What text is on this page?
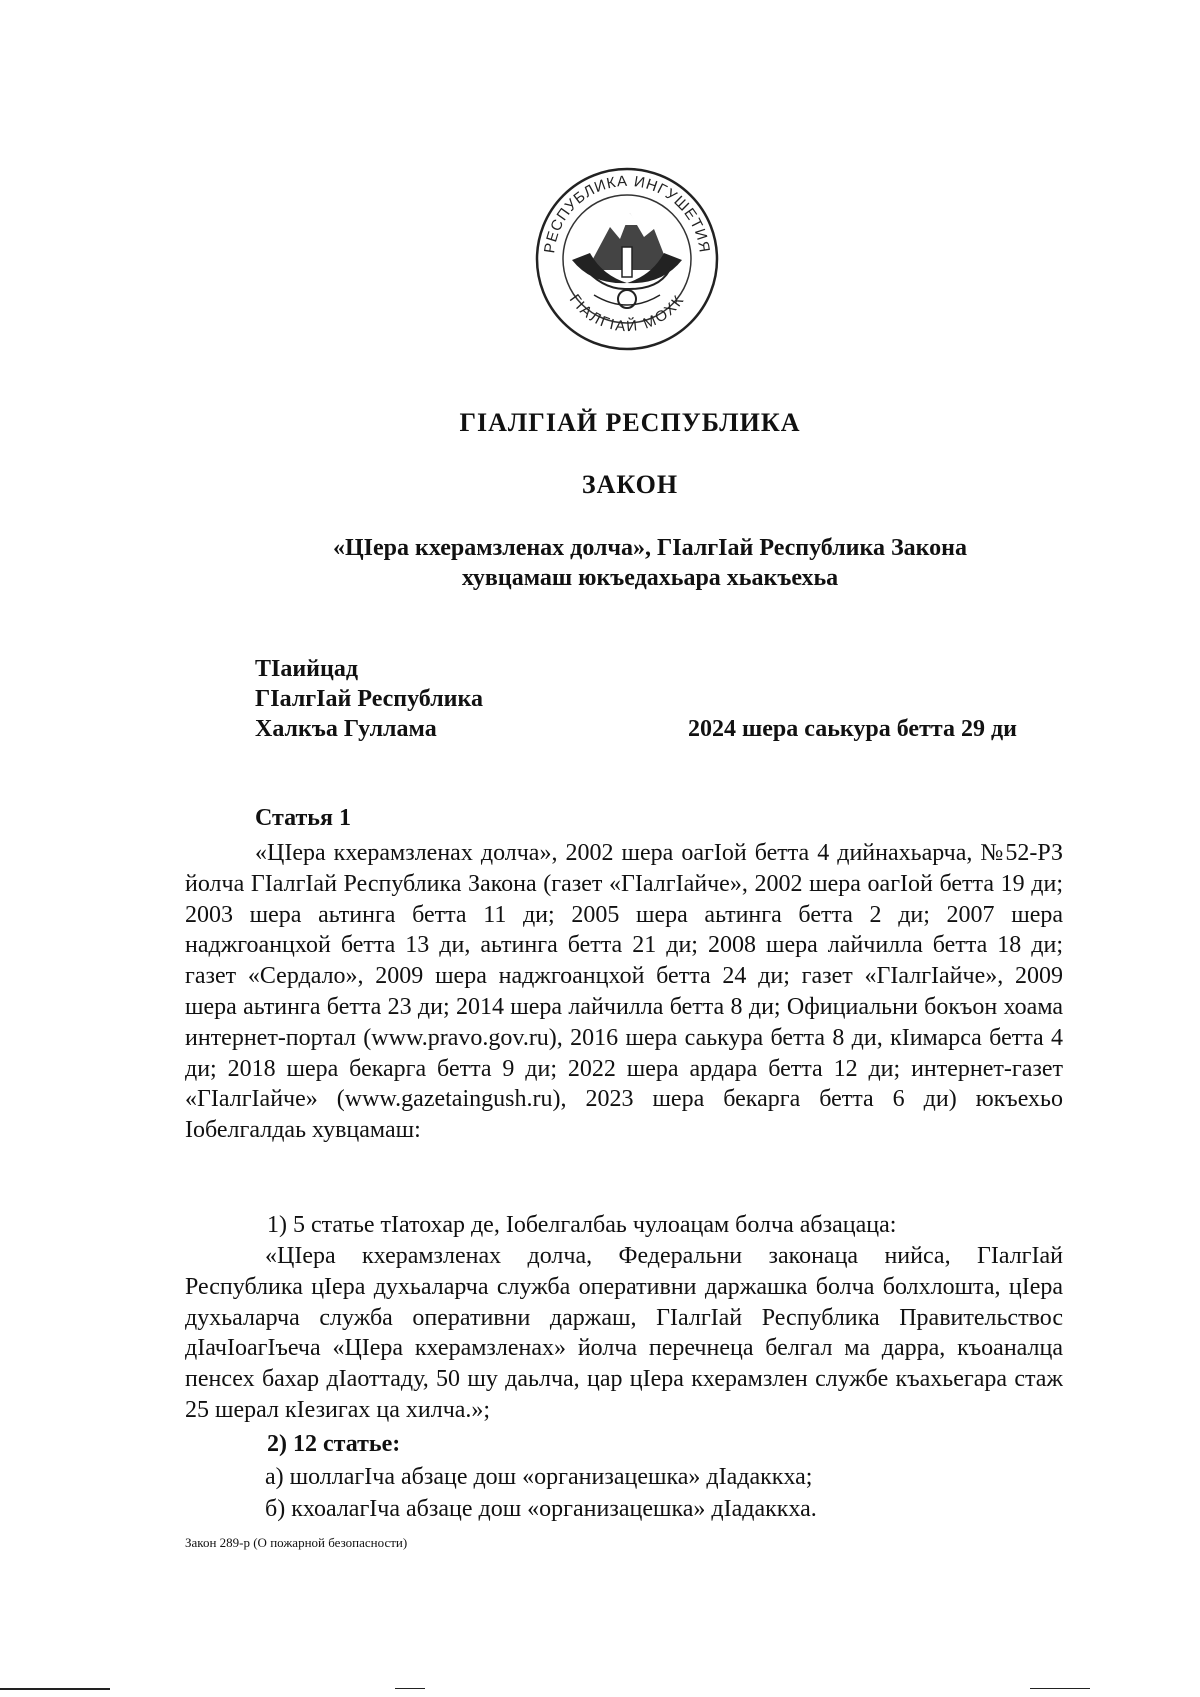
РЕСПУБЛИКА ИНГУШЕТИЯ
ГIАЛГIАЙ МОХК
ГIАЛГIАЙ РЕСПУБЛИКА
ЗАКОН
«ЦIера кхерамзленах долча», ГIалгIай Республика Закона
хувцамаш юкъедахьара хьакъехьа
ТIаийцад
ГIалгIай Республика
Халкъа Гуллама	2024 шера саькура бетта 29 ди
Статья 1

«ЦIера кхерамзленах долча», 2002 шера оагIой бетта 4 дийнахьарча, №52-РЗ йолча ГIалгIай Республика Закона (газет «ГIалгIайче», 2002 шера оагIой бетта 19 ди; 2003 шера аьтинга бетта 11 ди; 2005 шера аьтинга бетта 2 ди; 2007 шера наджгоанцхой бетта 13 ди, аьтинга бетта 21 ди; 2008 шера лайчилла бетта 18 ди; газет «Сердало», 2009 шера наджгоанцхой бетта 24 ди; газет «ГIалгIайче», 2009 шера аьтинга бетта 23 ди; 2014 шера лайчилла бетта 8 ди; Официальни бокъон хоама интернет-портал (www.pravo.gov.ru), 2016 шера саькура бетта 8 ди, кIимарса бетта 4 ди; 2018 шера бекарга бетта 9 ди; 2022 шера ардара бетта 12 ди; интернет-газет «ГIалгIайче» (www.gazetaingush.ru), 2023 шера бекарга бетта 6 ди) юкъехьо Iобелгалдаь хувцамаш:

1) 5 статье тIатохар де, Iобелгалбаь чулоацам болча абзацаца:

«ЦIера кхерамзленах долча, Федеральни законаца нийса, ГIалгIай Республика цIера духьаларча служба оперативни даржашка болча болхлошта, цIера духьаларча служба оперативни даржаш, ГIалгIай Республика Правительствос дIачIоагIъеча «ЦIера кхерамзленах» йолча перечнеца белгал ма дарра, къоаналца пенсех бахар дIаоттаду, 50 шу даьлча, цар цIера кхерамзлен службе къахьегара стаж 25 шерал кIезигах ца хилча.»;

2) 12 статье:

а) шоллагIча абзаце дош «организацешка» дIадаккха;

б) кхоалагIча абзаце дош «организацешка» дIадаккха.

Закон 289-р (О пожарной безопасности)
